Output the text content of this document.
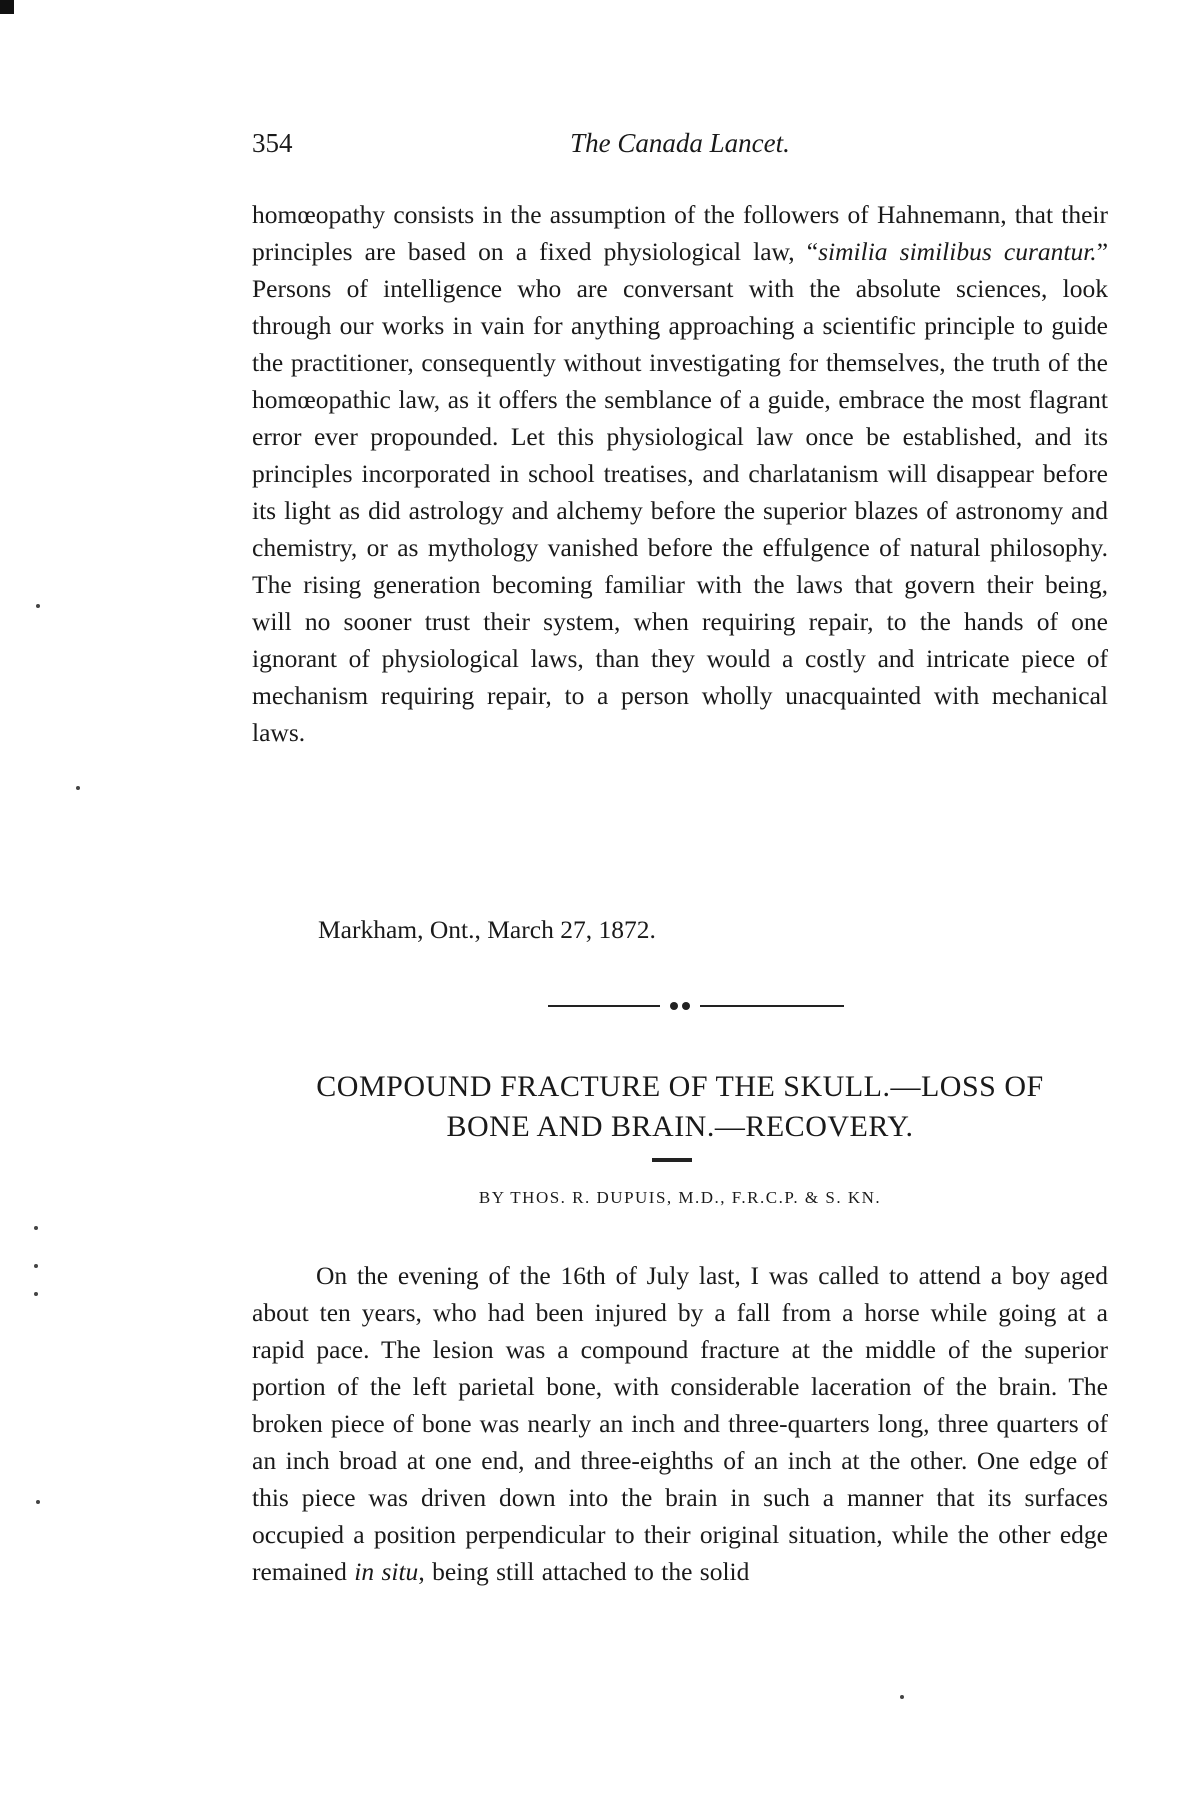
354	The Canada Lancet.

homœopathy consists in the assumption of the followers of Hahnemann, that their principles are based on a fixed physiological law, “similia similibus curantur.” Persons of intelligence who are conversant with the absolute sciences, look through our works in vain for anything approaching a scientific principle to guide the practitioner, consequently without investigating for themselves, the truth of the homœopathic law, as it offers the semblance of a guide, embrace the most flagrant error ever propounded. Let this physiological law once be established, and its principles incorporated in school treatises, and charlatanism will disappear before its light as did astrology and alchemy before the superior blazes of astronomy and chemistry, or as mythology vanished before the effulgence of natural philosophy. The rising generation becoming familiar with the laws that govern their being, will no sooner trust their system, when requiring repair, to the hands of one ignorant of physiological laws, than they would a costly and intricate piece of mechanism requiring repair, to a person wholly unacquainted with mechanical laws.

Markham, Ont., March 27, 1872.
COMPOUND FRACTURE OF THE SKULL.—LOSS OF
BONE AND BRAIN.—RECOVERY.
BY THOS. R. DUPUIS, M.D., F.R.C.P. & S. KN.

On the evening of the 16th of July last, I was called to attend a boy aged about ten years, who had been injured by a fall from a horse while going at a rapid pace. The lesion was a compound fracture at the middle of the superior portion of the left parietal bone, with considerable laceration of the brain. The broken piece of bone was nearly an inch and three-quarters long, three quarters of an inch broad at one end, and three-eighths of an inch at the other. One edge of this piece was driven down into the brain in such a manner that its surfaces occupied a position perpendicular to their original situation, while the other edge remained in situ, being still attached to the solid
